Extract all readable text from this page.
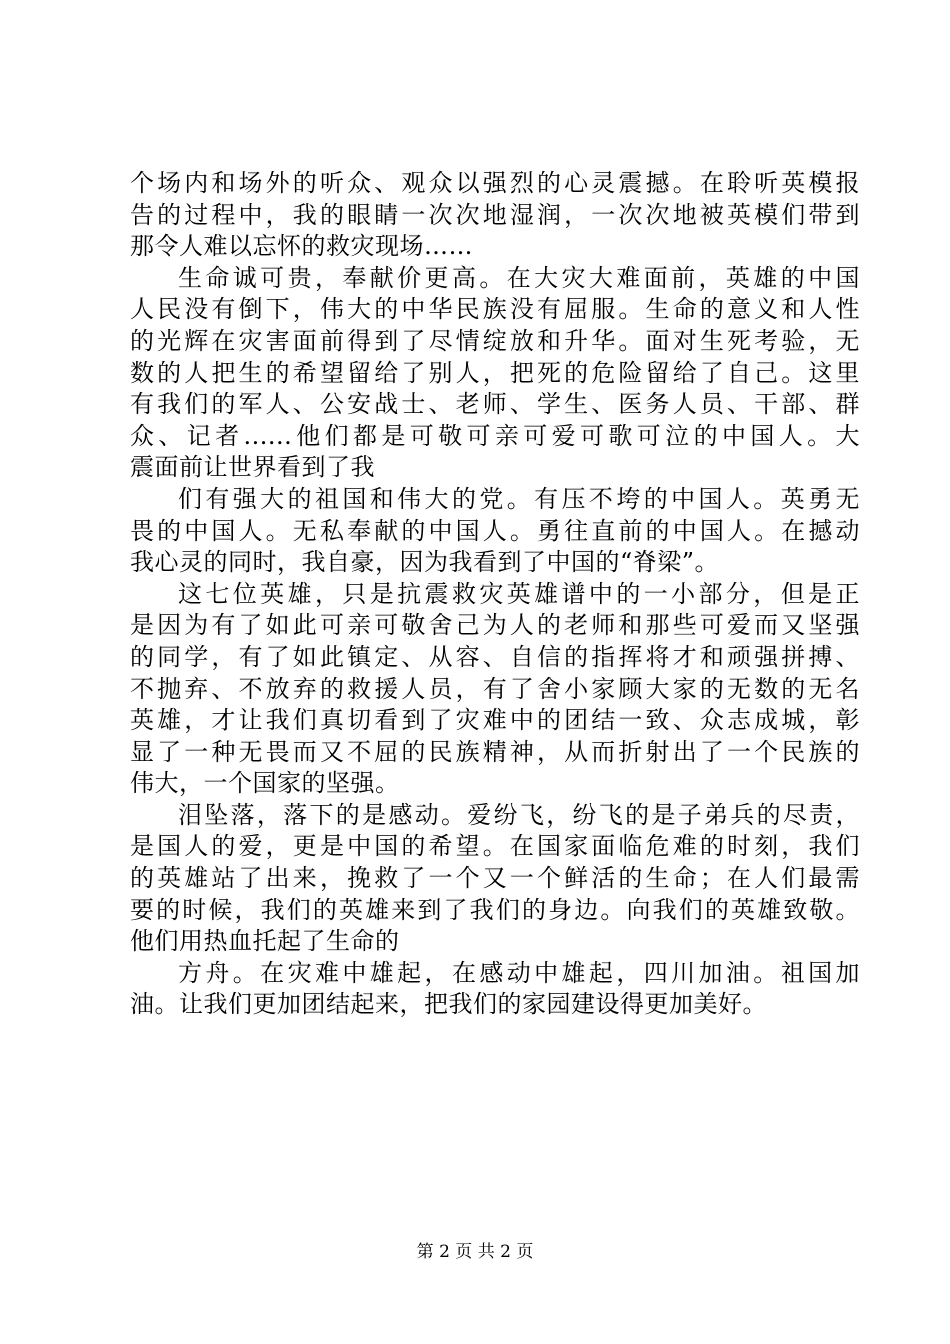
个场内和场外的听众、观众以强烈的心灵震撼。在聆听英模报
告的过程中，我的眼睛一次次地湿润，一次次地被英模们带到
那令人难以忘怀的救灾现场……
生命诚可贵，奉献价更高。在大灾大难面前，英雄的中国
人民没有倒下，伟大的中华民族没有屈服。生命的意义和人性
的光辉在灾害面前得到了尽情绽放和升华。面对生死考验，无
数的人把生的希望留给了别人，把死的危险留给了自己。这里
有我们的军人、公安战士、老师、学生、医务人员、干部、群
众、记者......他们都是可敬可亲可爱可歌可泣的中国人。大
震面前让世界看到了我
们有强大的祖国和伟大的党。有压不垮的中国人。英勇无
畏的中国人。无私奉献的中国人。勇往直前的中国人。在撼动
我心灵的同时，我自豪，因为我看到了中国的“脊梁”。
这七位英雄，只是抗震救灾英雄谱中的一小部分，但是正
是因为有了如此可亲可敬舍己为人的老师和那些可爱而又坚强
的同学，有了如此镇定、从容、自信的指挥将才和顽强拼搏、
不抛弃、不放弃的救援人员，有了舍小家顾大家的无数的无名
英雄，才让我们真切看到了灾难中的团结一致、众志成城，彰
显了一种无畏而又不屈的民族精神，从而折射出了一个民族的
伟大，一个国家的坚强。
泪坠落，落下的是感动。爱纷飞，纷飞的是子弟兵的尽责，
是国人的爱，更是中国的希望。在国家面临危难的时刻，我们
的英雄站了出来，挽救了一个又一个鲜活的生命；在人们最需
要的时候，我们的英雄来到了我们的身边。向我们的英雄致敬。
他们用热血托起了生命的
方舟。在灾难中雄起，在感动中雄起，四川加油。祖国加
油。让我们更加团结起来，把我们的家园建设得更加美好。
第 2 页 共 2 页
